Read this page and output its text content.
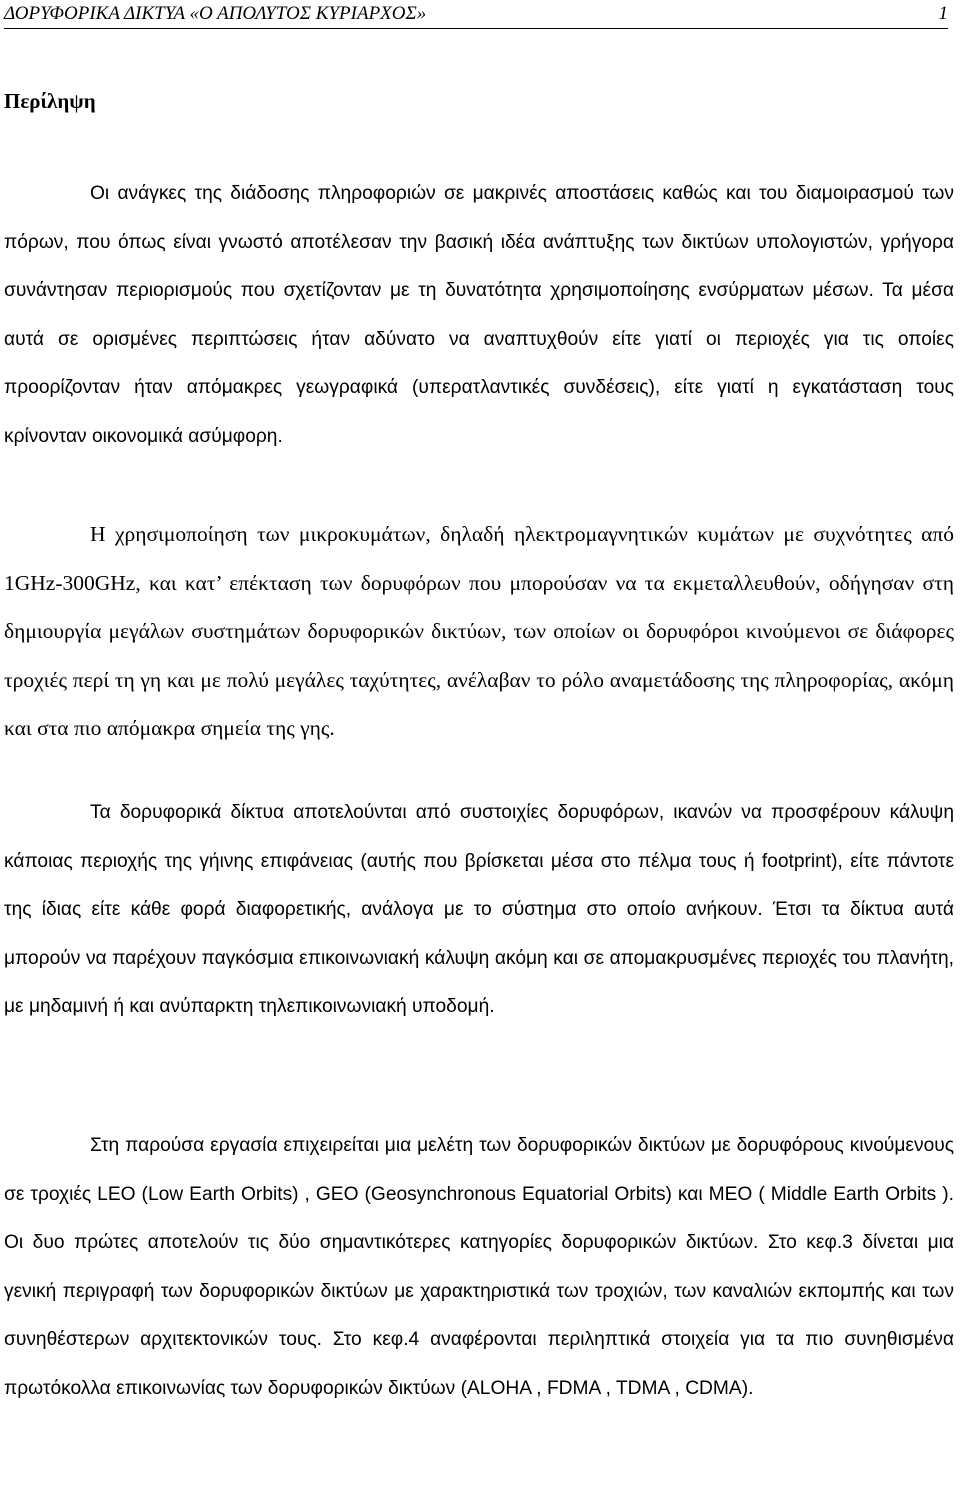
ΔΟΡΥΦΟΡΙΚΑ ΔΙΚΤΥΑ «Ο ΑΠΟΛΥΤΟΣ ΚΥΡΙΑΡΧΟΣ»	1
Περίληψη

Οι ανάγκες της διάδοσης πληροφοριών σε μακρινές αποστάσεις καθώς και του διαμοιρασμού των πόρων, που όπως είναι γνωστό αποτέλεσαν την βασική ιδέα ανάπτυξης των δικτύων υπολογιστών, γρήγορα συνάντησαν περιορισμούς που σχετίζονταν με τη δυνατότητα χρησιμοποίησης ενσύρματων μέσων. Τα μέσα αυτά σε ορισμένες περιπτώσεις ήταν αδύνατο να αναπτυχθούν είτε γιατί οι περιοχές για τις οποίες προορίζονταν ήταν απόμακρες γεωγραφικά (υπερατλαντικές συνδέσεις), είτε γιατί η εγκατάσταση τους κρίνονταν οικονομικά ασύμφορη.

Η χρησιμοποίηση των μικροκυμάτων, δηλαδή ηλεκτρομαγνητικών κυμάτων με συχνότητες από 1GHz-300GHz, και κατ’ επέκταση των δορυφόρων που μπορούσαν να τα εκμεταλλευθούν, οδήγησαν στη δημιουργία μεγάλων συστημάτων δορυφορικών δικτύων, των οποίων οι δορυφόροι κινούμενοι σε διάφορες τροχιές περί τη γη και με πολύ μεγάλες ταχύτητες, ανέλαβαν το ρόλο αναμετάδοσης της πληροφορίας, ακόμη και στα πιο απόμακρα σημεία της γης.

Τα δορυφορικά δίκτυα αποτελούνται από συστοιχίες δορυφόρων, ικανών να προσφέρουν κάλυψη κάποιας περιοχής της γήινης επιφάνειας (αυτής που βρίσκεται μέσα στο πέλμα τους ή footprint), είτε πάντοτε της ίδιας είτε κάθε φορά διαφορετικής, ανάλογα με το σύστημα στο οποίο ανήκουν. Έτσι τα δίκτυα αυτά μπορούν να παρέχουν παγκόσμια επικοινωνιακή κάλυψη ακόμη και σε απομακρυσμένες περιοχές του πλανήτη, με μηδαμινή ή και ανύπαρκτη τηλεπικοινωνιακή υποδομή.

Στη παρούσα εργασία επιχειρείται μια μελέτη των δορυφορικών δικτύων με δορυφόρους κινούμενους σε τροχιές LEO (Low Earth Orbits) , GEO (Geosynchronous Equatorial Orbits) και MEO ( Middle Earth Orbits ). Οι δυο πρώτες αποτελούν τις δύο σημαντικότερες κατηγορίες δορυφορικών δικτύων. Στο κεφ.3 δίνεται μια γενική περιγραφή των δορυφορικών δικτύων με χαρακτηριστικά των τροχιών, των καναλιών εκπομπής και των συνηθέστερων αρχιτεκτονικών τους. Στο κεφ.4 αναφέρονται περιληπτικά στοιχεία για τα πιο συνηθισμένα πρωτόκολλα επικοινωνίας των δορυφορικών δικτύων (ALOHA , FDMA , TDMA , CDMA).
